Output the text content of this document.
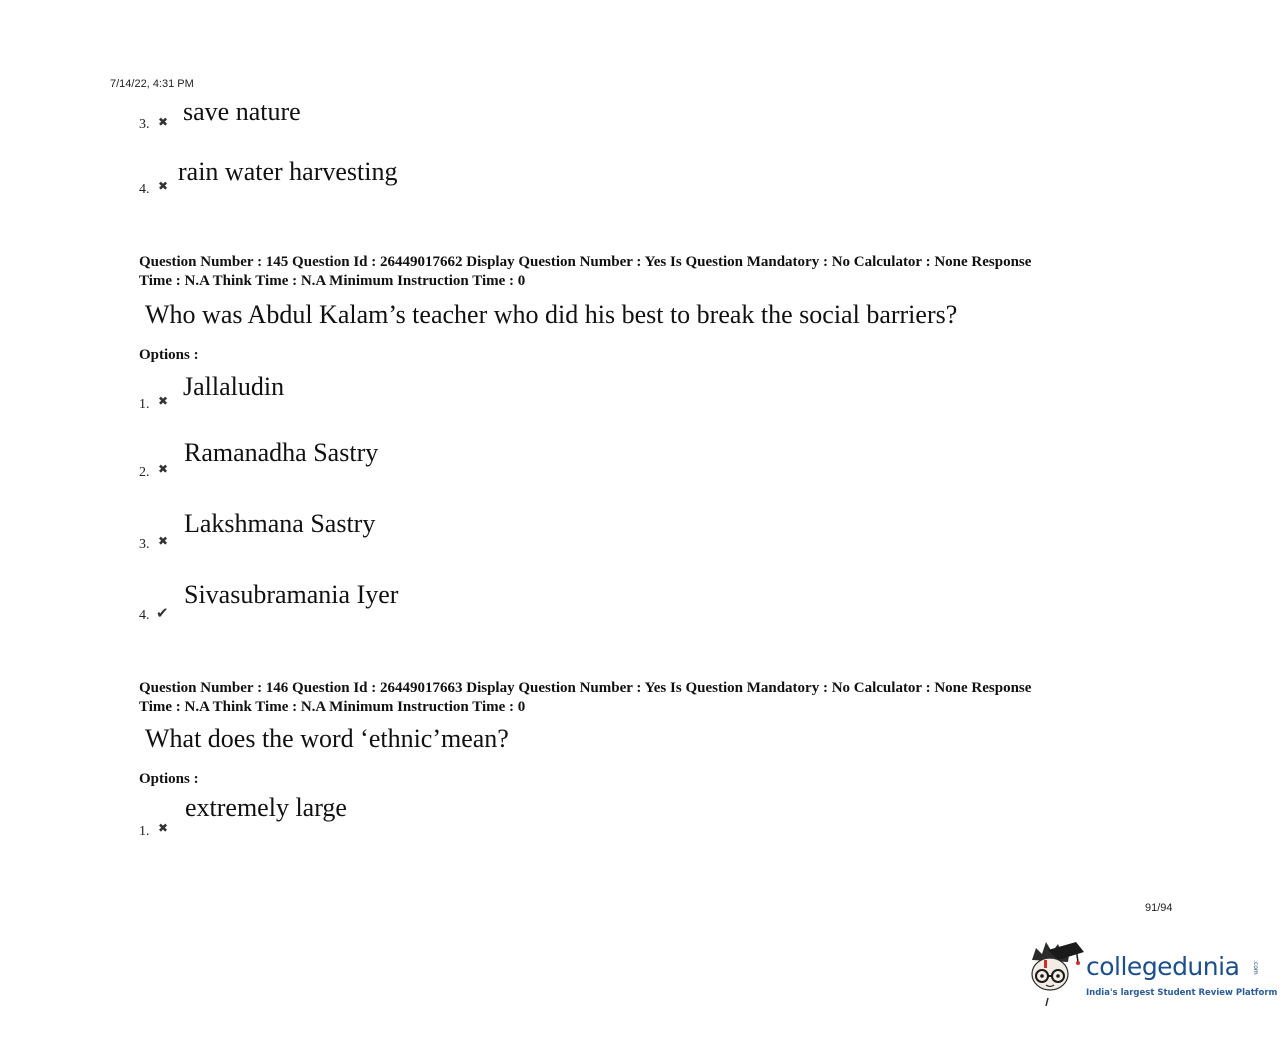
7/14/22, 4:31 PM
3. ✖ save nature
4. ✖ rain water harvesting
Question Number : 145 Question Id : 26449017662 Display Question Number : Yes Is Question Mandatory : No Calculator : None Response
Time : N.A Think Time : N.A Minimum Instruction Time : 0
Who was Abdul Kalam’s teacher who did his best to break the social barriers?
Options :
1. ✖ Jallaludin
2. ✖
Ramanadha Sastry
3. ✖
Lakshmana Sastry
4. ✔
Sivasubramania Iyer
Question Number : 146 Question Id : 26449017663 Display Question Number : Yes Is Question Mandatory : No Calculator : None Response
Time : N.A Think Time : N.A Minimum Instruction Time : 0
What does the word ‘ethnic’mean?
Options :
1. ✖
extremely large
91/94
collegedunia .com
India's largest Student Review Platform
